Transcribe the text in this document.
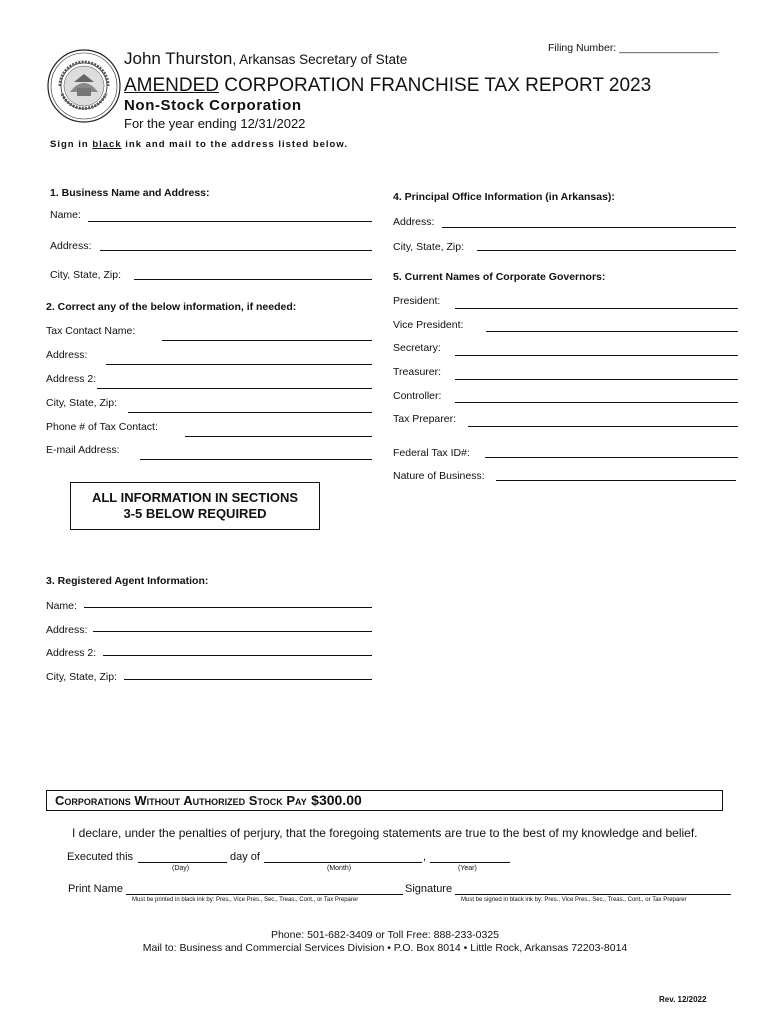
John Thurston, Arkansas Secretary of State
Filing Number: _________________
AMENDED CORPORATION FRANCHISE TAX REPORT 2023
Non-Stock Corporation
For the year ending 12/31/2022
Sign in black ink and mail to the address listed below.
1. Business Name and Address:
Name:
Address:
City, State, Zip:
2. Correct any of the below information, if needed:
Tax Contact Name:
Address:
Address 2:
City, State, Zip:
Phone # of Tax Contact:
E-mail Address:
ALL INFORMATION IN SECTIONS
3-5 BELOW REQUIRED
3. Registered Agent Information:
Name:
Address:
Address 2:
City, State, Zip:
4. Principal Office Information (in Arkansas):
Address:
City, State, Zip:
5. Current Names of Corporate Governors:
President:
Vice President:
Secretary:
Treasurer:
Controller:
Tax Preparer:
Federal Tax ID#:
Nature of Business:
Corporations Without Authorized Stock Pay $300.00
I declare, under the penalties of perjury, that the foregoing statements are true to the best of my knowledge and belief.
Executed this	day of	,
(Day)	(Month)	(Year)
Print Name	Signature
Must be printed in black ink by: Pres., Vice Pres., Sec., Treas., Cont., or Tax Preparer	Must be signed in black ink by: Pres., Vice Pres., Sec., Treas., Cont., or Tax Preparer
Phone: 501-682-3409 or Toll Free: 888-233-0325
Mail to: Business and Commercial Services Division • P.O. Box 8014 • Little Rock, Arkansas 72203-8014
Rev. 12/2022
